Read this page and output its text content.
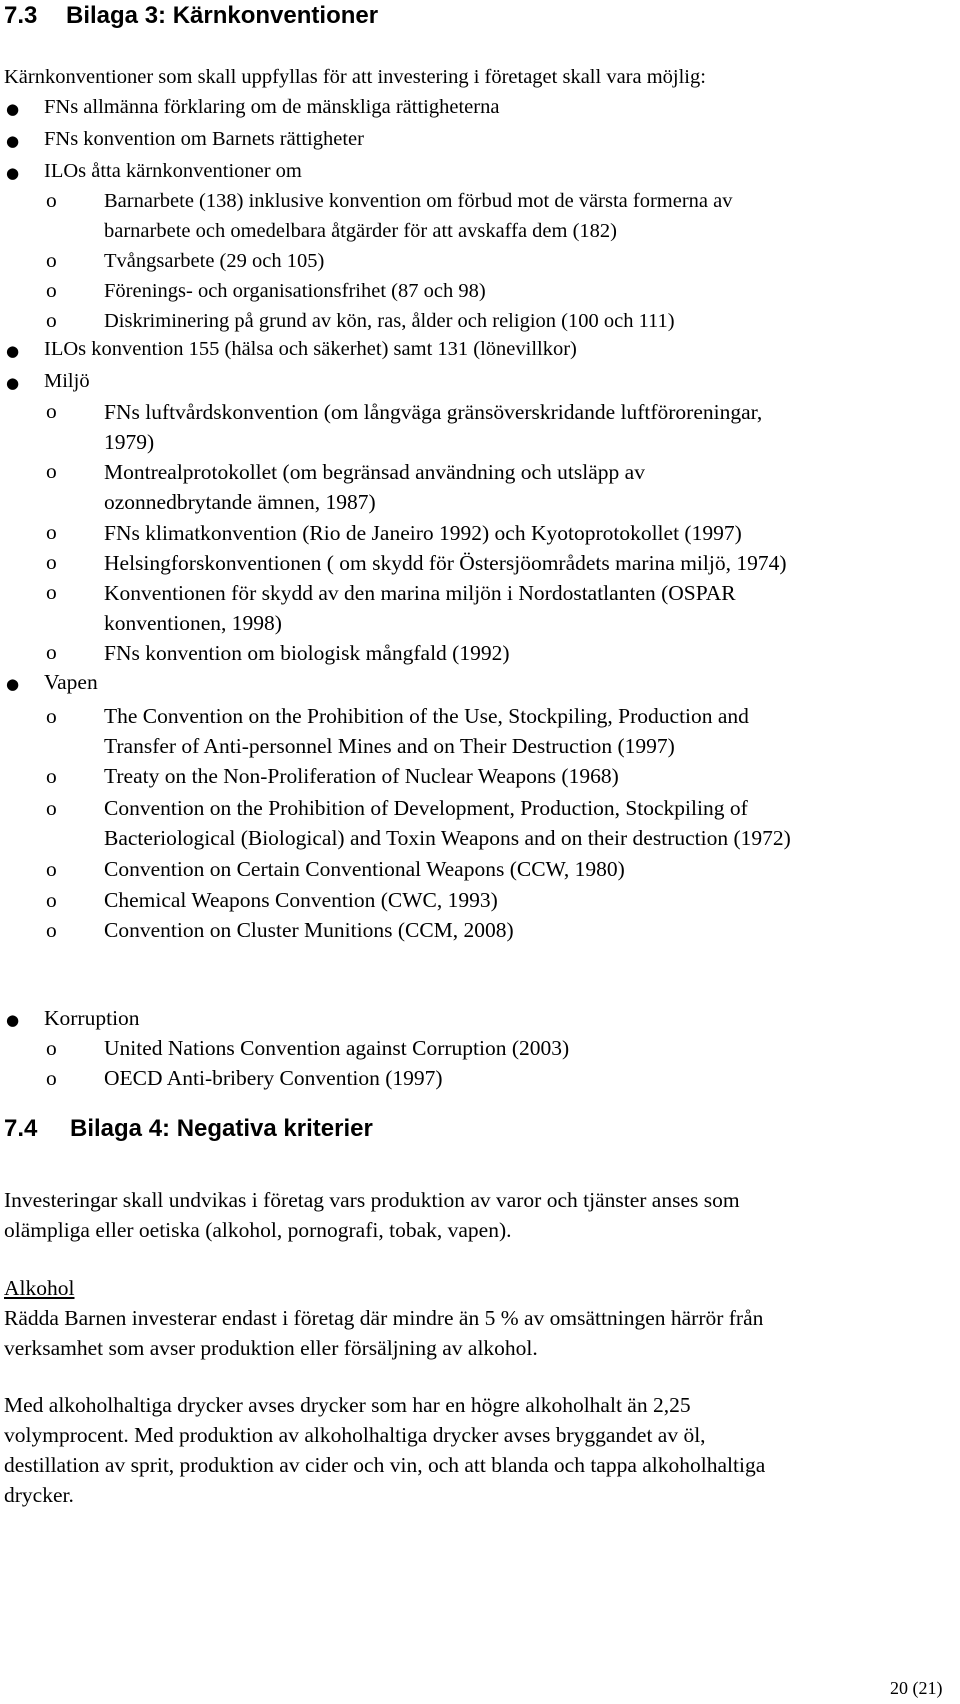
7.3 Bilaga 3: Kärnkonventioner
Kärnkonventioner som skall uppfyllas för att investering i företaget skall vara möjlig:
● FNs allmänna förklaring om de mänskliga rättigheterna
● FNs konvention om Barnets rättigheter
● ILOs åtta kärnkonventioner om
o Barnarbete (138) inklusive konvention om förbud mot de värsta formerna av
barnarbete och omedelbara åtgärder för att avskaffa dem (182)
o Tvångsarbete (29 och 105)
o Förenings- och organisationsfrihet (87 och 98)
o Diskriminering på grund av kön, ras, ålder och religion (100 och 111)
● ILOs konvention 155 (hälsa och säkerhet) samt 131 (lönevillkor)
● Miljö
o FNs luftvårdskonvention (om långväga gränsöverskridande luftföroreningar,
1979)
o Montrealprotokollet (om begränsad användning och utsläpp av
ozonnedbrytande ämnen, 1987)
o FNs klimatkonvention (Rio de Janeiro 1992) och Kyotoprotokollet (1997)
o Helsingforskonventionen ( om skydd för Östersjöområdets marina miljö, 1974)
o Konventionen för skydd av den marina miljön i Nordostatlanten (OSPAR
konventionen, 1998)
o FNs konvention om biologisk mångfald (1992)
● Vapen
o The Convention on the Prohibition of the Use, Stockpiling, Production and
Transfer of Anti-personnel Mines and on Their Destruction (1997)
o Treaty on the Non-Proliferation of Nuclear Weapons (1968)
o Convention on the Prohibition of Development, Production, Stockpiling of
Bacteriological (Biological) and Toxin Weapons and on their destruction (1972)
o Convention on Certain Conventional Weapons (CCW, 1980)
o Chemical Weapons Convention (CWC, 1993)
o Convention on Cluster Munitions (CCM, 2008)
● Korruption
o United Nations Convention against Corruption (2003)
o OECD Anti-bribery Convention (1997)
7.4 Bilaga 4: Negativa kriterier
Investeringar skall undvikas i företag vars produktion av varor och tjänster anses som
olämpliga eller oetiska (alkohol, pornografi, tobak, vapen).
Alkohol
Rädda Barnen investerar endast i företag där mindre än 5 % av omsättningen härrör från
verksamhet som avser produktion eller försäljning av alkohol.
Med alkoholhaltiga drycker avses drycker som har en högre alkoholhalt än 2,25
volymprocent. Med produktion av alkoholhaltiga drycker avses bryggandet av öl,
destillation av sprit, produktion av cider och vin, och att blanda och tappa alkoholhaltiga
drycker.
20 (21)
